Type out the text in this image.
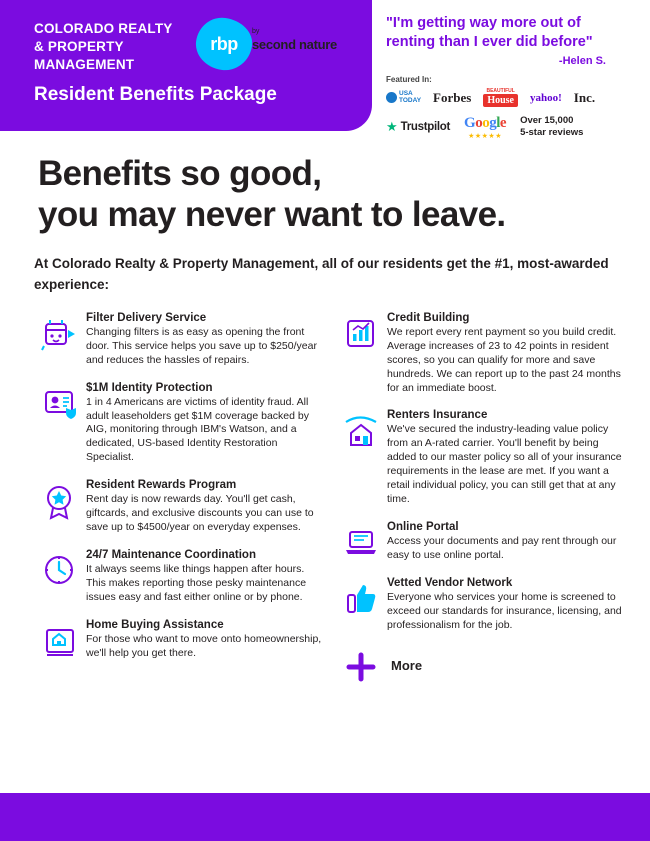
COLORADO REALTY
& PROPERTY
MANAGEMENT
rbp
by
second nature
Resident Benefits Package
"I'm getting way more out of renting than I ever did before"
-Helen S.
Featured In:
USA
TODAY Forbes	BEAUTIFUL
House	yahoo! Inc.
★ Trustpilot Google
★★★★★
Over 15,000
5-star reviews
Benefits so good,
you may never want to leave.
At Colorado Realty & Property Management, all of our residents get the #1, most-awarded experience:
Filter Delivery Service
Changing filters is as easy as opening the front door. This service helps you save up to $250/year and reduces the hassles of repairs.
$1M Identity Protection
1 in 4 Americans are victims of identity fraud. All adult leaseholders get $1M coverage backed by AIG, monitoring through IBM's Watson, and a dedicated, US-based Identity Restoration Specialist.
Resident Rewards Program
Rent day is now rewards day. You'll get cash, giftcards, and exclusive discounts you can use to save up to $4500/year on everyday expenses.
24/7 Maintenance Coordination
It always seems like things happen after hours. This makes reporting those pesky maintenance issues easy and fast either online or by phone.
Home Buying Assistance
For those who want to move onto homeownership, we'll help you get there.
Credit Building
We report every rent payment so you build credit. Average increases of 23 to 42 points in resident scores, so you can qualify for more and save hundreds. We can report up to the past 24 months for an immediate boost.
Renters Insurance
We've secured the industry-leading value policy from an A-rated carrier. You'll benefit by being added to our master policy so all of your insurance requirements in the lease are met. If you want a retail individual policy, you can still get that at any time.
Online Portal
Access your documents and pay rent through our easy to use online portal.
Vetted Vendor Network
Everyone who services your home is screened to exceed our standards for insurance, licensing, and professionalism for the job.
More
